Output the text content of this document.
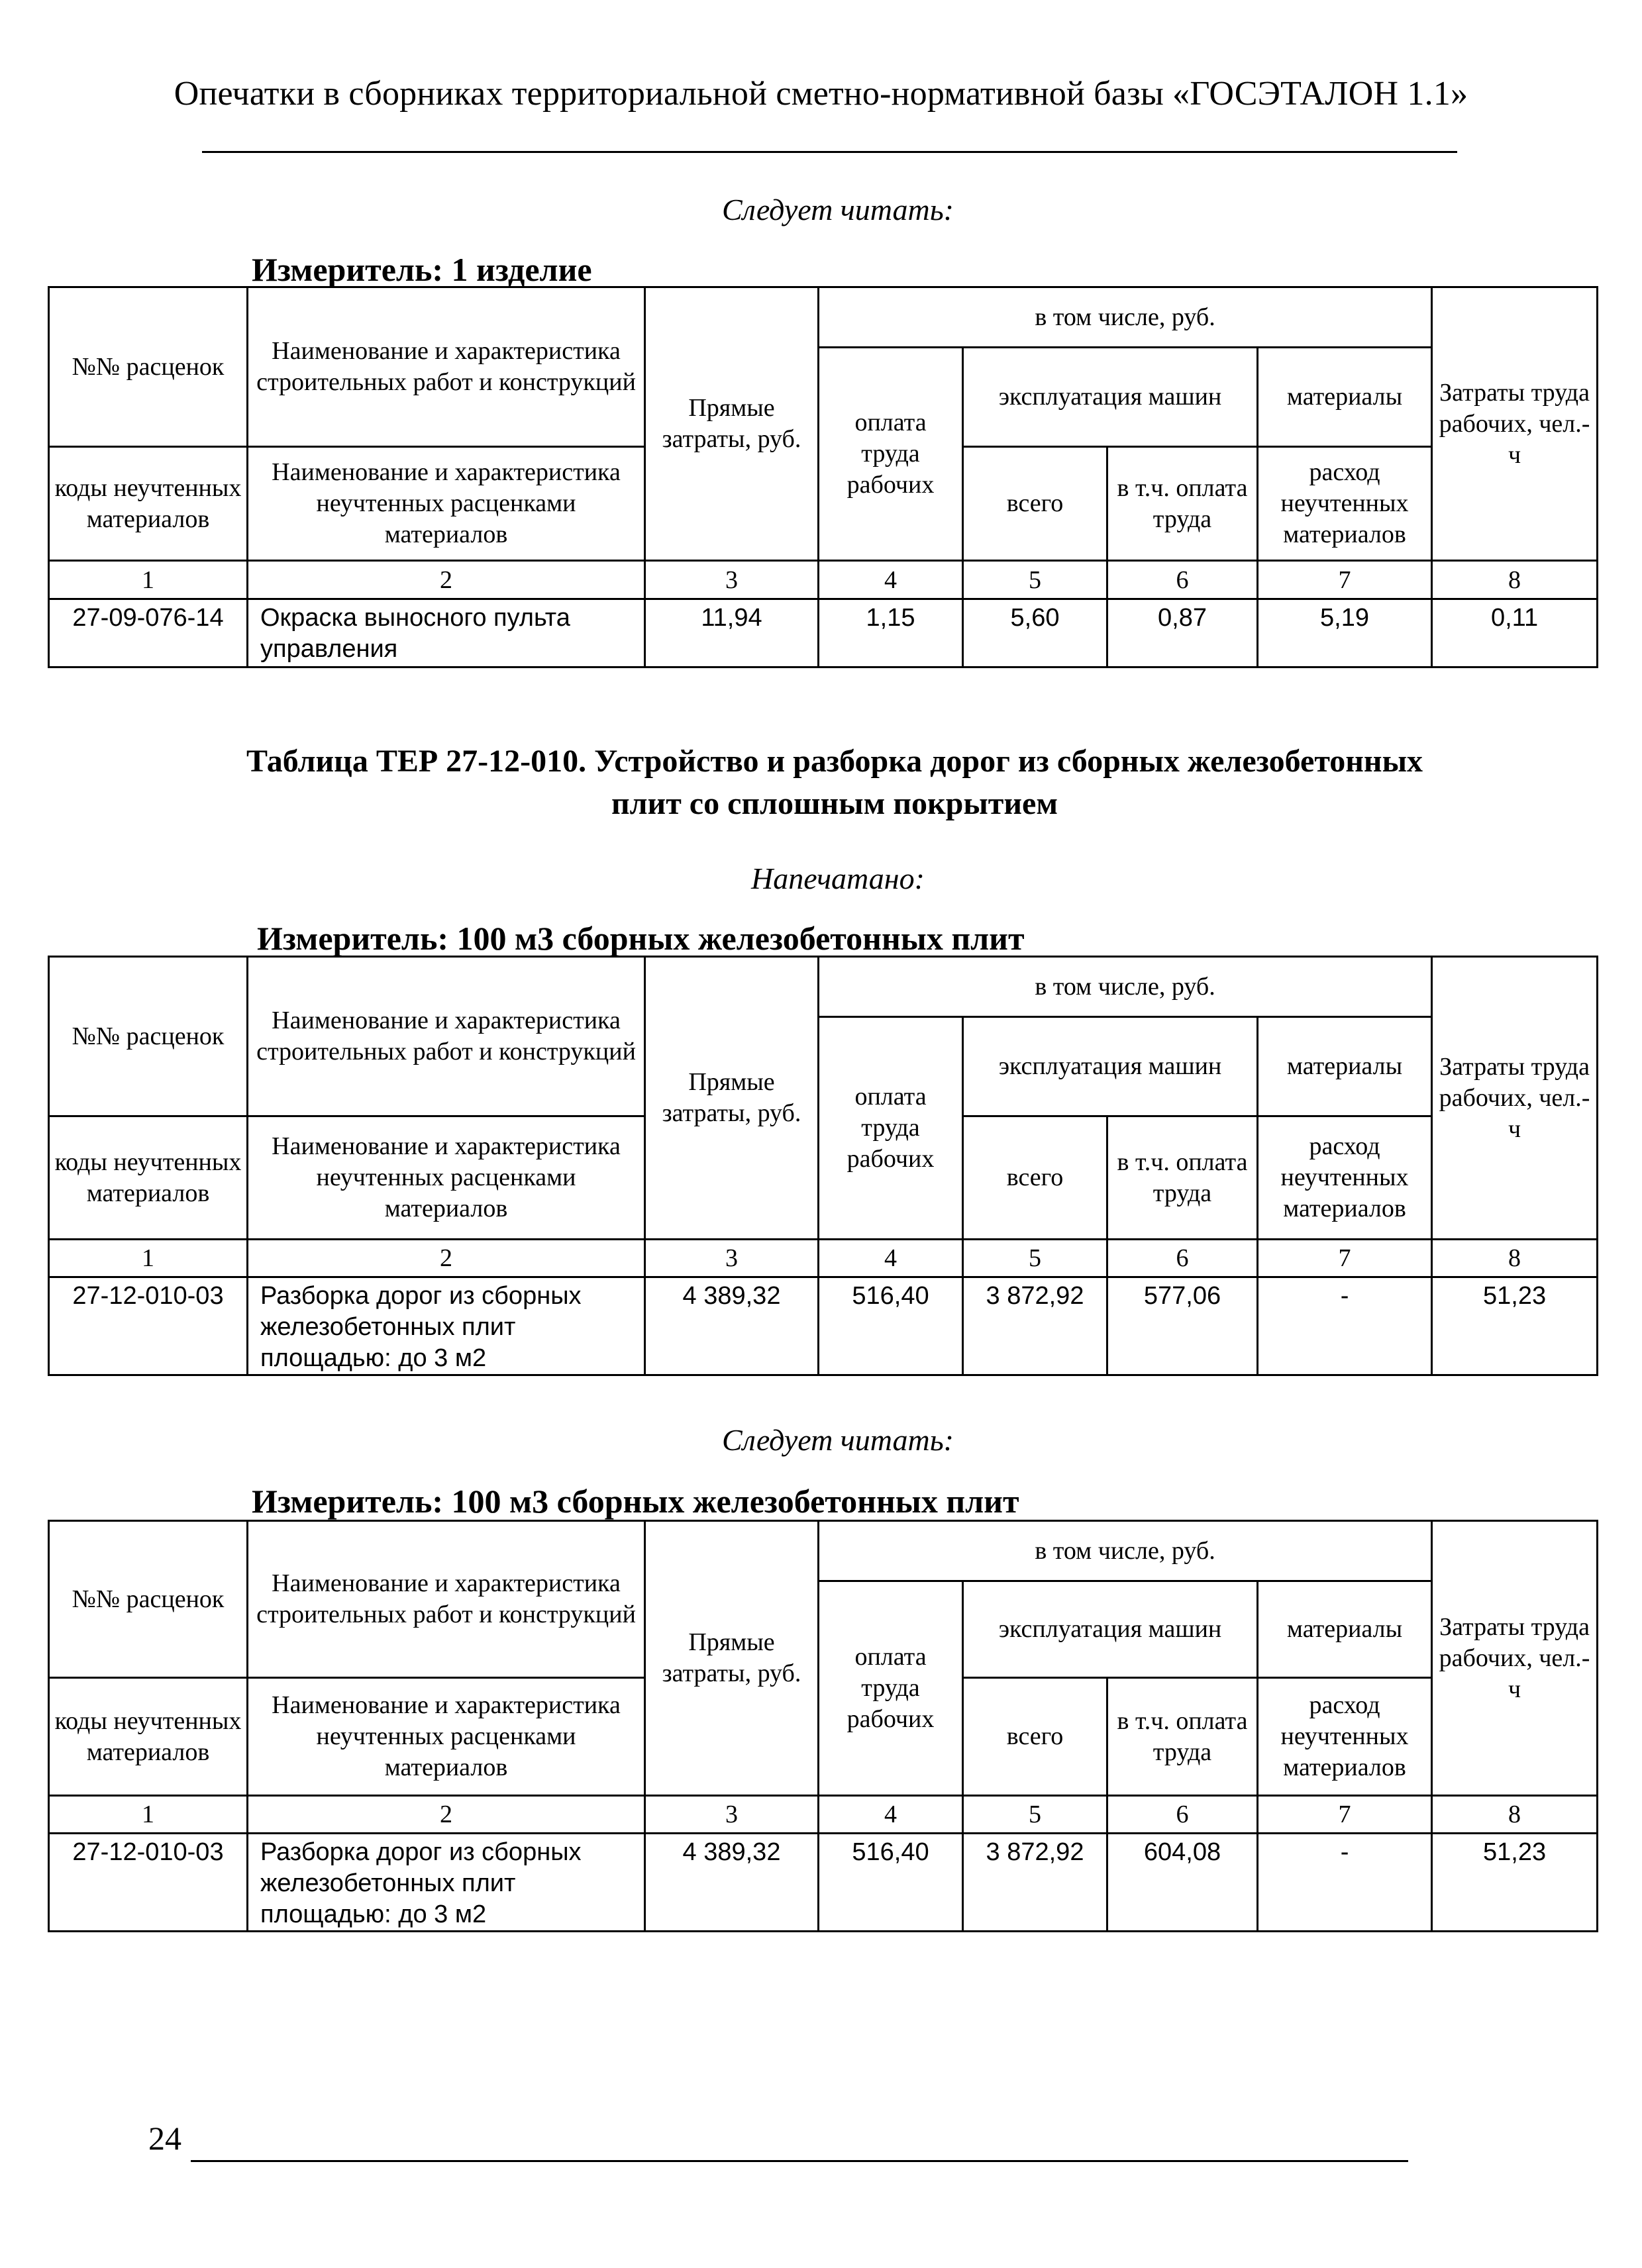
Опечатки в сборниках территориальной сметно-нормативной базы «ГОСЭТАЛОН 1.1»
Следует читать:
Измеритель: 1 изделие
№№ расценок	Наименование и характеристика строительных работ и конструкций	Прямые затраты, руб.	в том числе, руб.				Затраты труда рабочих, чел.-ч
			оплата труда рабочих	эксплуатация машин		материалы	
коды неучтенных материалов	Наименование и характеристика неучтенных расценками материалов			всего	в т.ч. оплата труда	расход неучтенных материалов	
1	2	3	4	5	6	7	8
27-09-076-14	Окраска выносного пульта управления	11,94	1,15	5,60	0,87	5,19	0,11
Таблица ТЕР 27-12-010. Устройство и разборка дорог из сборных железобетонных плит со сплошным покрытием
Напечатано:
Измеритель: 100 м3 сборных железобетонных плит
№№ расценок	Наименование и характеристика строительных работ и конструкций	Прямые затраты, руб.	в том числе, руб.				Затраты труда рабочих, чел.-ч
			оплата труда рабочих	эксплуатация машин		материалы	
коды неучтенных материалов	Наименование и характеристика неучтенных расценками материалов			всего	в т.ч. оплата труда	расход неучтенных материалов	
1	2	3	4	5	6	7	8
27-12-010-03	Разборка дорог из сборных железобетонных плит площадью: до 3 м2	4 389,32	516,40	3 872,92	577,06	-	51,23
Следует читать:
Измеритель: 100 м3 сборных железобетонных плит
№№ расценок	Наименование и характеристика строительных работ и конструкций	Прямые затраты, руб.	в том числе, руб.				Затраты труда рабочих, чел.-ч
			оплата труда рабочих	эксплуатация машин		материалы	
коды неучтенных материалов	Наименование и характеристика неучтенных расценками материалов			всего	в т.ч. оплата труда	расход неучтенных материалов	
1	2	3	4	5	6	7	8
27-12-010-03	Разборка дорог из сборных железобетонных плит площадью: до 3 м2	4 389,32	516,40	3 872,92	604,08	-	51,23
24
